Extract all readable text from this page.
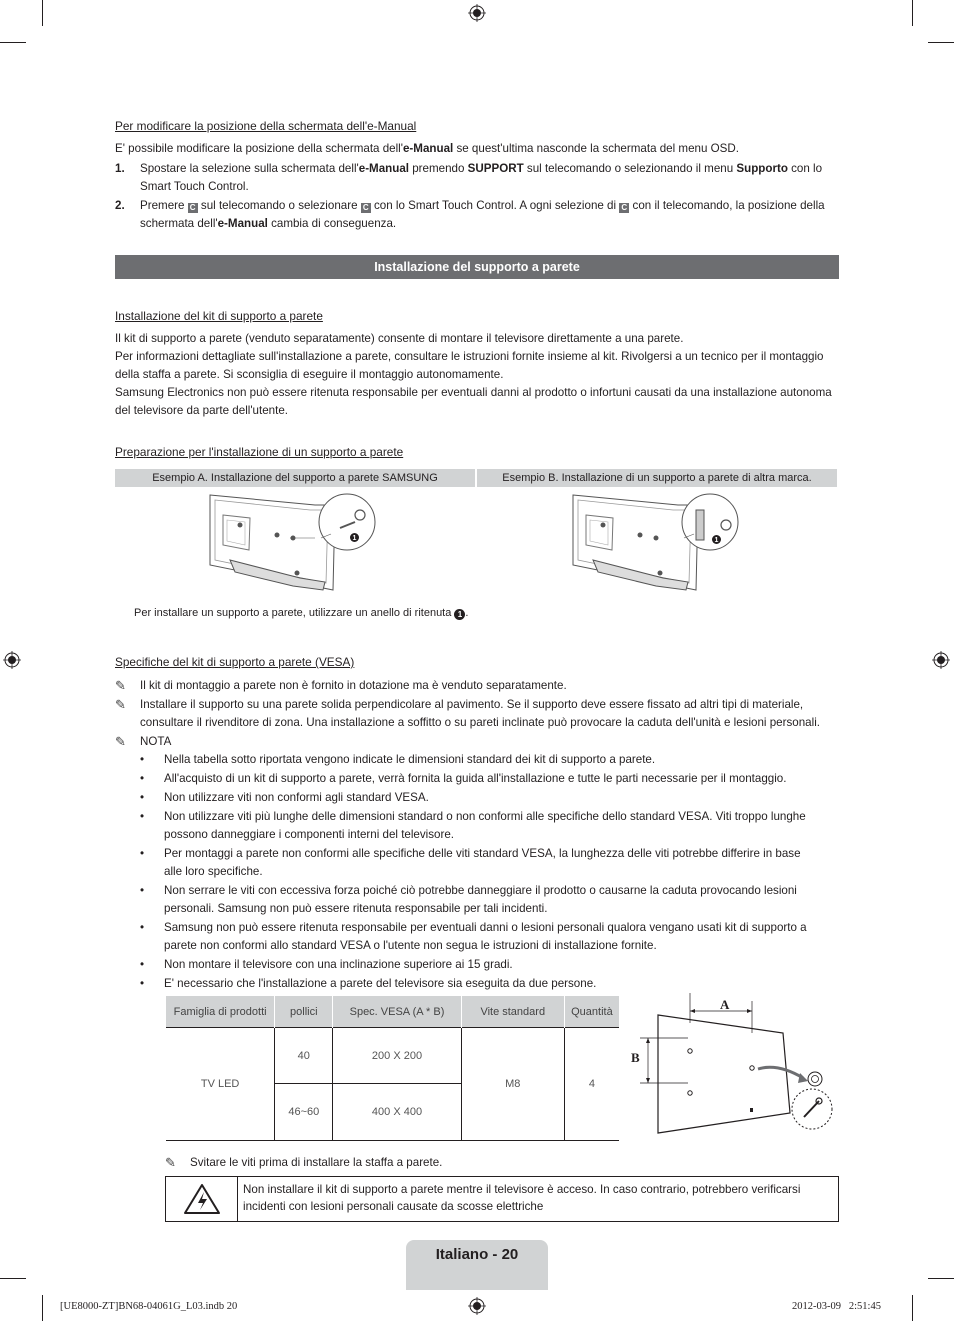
Per modificare la posizione della schermata dell'e-Manual

E' possibile modificare la posizione della schermata dell'e-Manual se quest'ultima nasconde la schermata del menu OSD.

1.	Spostare la selezione sulla schermata dell'e-Manual premendo SUPPORT sul telecomando o selezionando il menu Supporto con lo Smart Touch Control.
2.	Premere C sul telecomando o selezionare C con lo Smart Touch Control. A ogni selezione di C con il telecomando, la posizione della schermata dell'e-Manual cambia di conseguenza.
Installazione del supporto a parete
Installazione del kit di supporto a parete

Il kit di supporto a parete (venduto separatamente) consente di montare il televisore direttamente a una parete.

Per informazioni dettagliate sull'installazione a parete, consultare le istruzioni fornite insieme al kit. Rivolgersi a un tecnico per il montaggio della staffa a parete. Si sconsiglia di eseguire il montaggio autonomamente.

Samsung Electronics non può essere ritenuta responsabile per eventuali danni al prodotto o infortuni causati da una installazione autonoma del televisore da parte dell'utente.

Preparazione per l'installazione di un supporto a parete
Esempio A. Installazione del supporto a parete SAMSUNG	Esempio B. Installazione di un supporto a parete di altra marca.
1	1
Per installare un supporto a parete, utilizzare un anello di ritenuta 1 .
Specifiche del kit di supporto a parete (VESA)
✎	Il kit di montaggio a parete non è fornito in dotazione ma è venduto separatamente.
✎	Installare il supporto su una parete solida perpendicolare al pavimento. Se il supporto deve essere fissato ad altri tipi di materiale, consultare il rivenditore di zona. Una installazione a soffitto o su pareti inclinate può provocare la caduta dell'unità e lesioni personali.
✎	NOTA
•	Nella tabella sotto riportata vengono indicate le dimensioni standard dei kit di supporto a parete.
•	All'acquisto di un kit di supporto a parete, verrà fornita la guida all'installazione e tutte le parti necessarie per il montaggio.
•	Non utilizzare viti non conformi agli standard VESA.
•	Non utilizzare viti più lunghe delle dimensioni standard o non conformi alle specifiche dello standard VESA. Viti troppo lunghe possono danneggiare i componenti interni del televisore.
•	Per montaggi a parete non conformi alle specifiche delle viti standard VESA, la lunghezza delle viti potrebbe differire in base alle loro specifiche.
•	Non serrare le viti con eccessiva forza poiché ciò potrebbe danneggiare il prodotto o causarne la caduta provocando lesioni personali. Samsung non può essere ritenuta responsabile per tali incidenti.
•	Samsung non può essere ritenuta responsabile per eventuali danni o lesioni personali qualora vengano usati kit di supporto a parete non conformi allo standard VESA o l'utente non segua le istruzioni di installazione fornite.
•	Non montare il televisore con una inclinazione superiore ai 15 gradi.
•	E' necessario che l'installazione a parete del televisore sia eseguita da due persone.
Famiglia di prodotti	pollici	Spec. VESA (A * B)	Vite standard	Quantità
TV LED	40	200 X 200	M8	4
	46~60	400 X 400		
A
B
✎	Svitare le viti prima di installare la staffa a parete.
Non installare il kit di supporto a parete mentre il televisore è acceso. In caso contrario, potrebbero verificarsi incidenti con lesioni personali causate da scosse elettriche
Italiano - 20
[UE8000-ZT]BN68-04061G_L03.indb 20	2012-03-09   2:51:45
